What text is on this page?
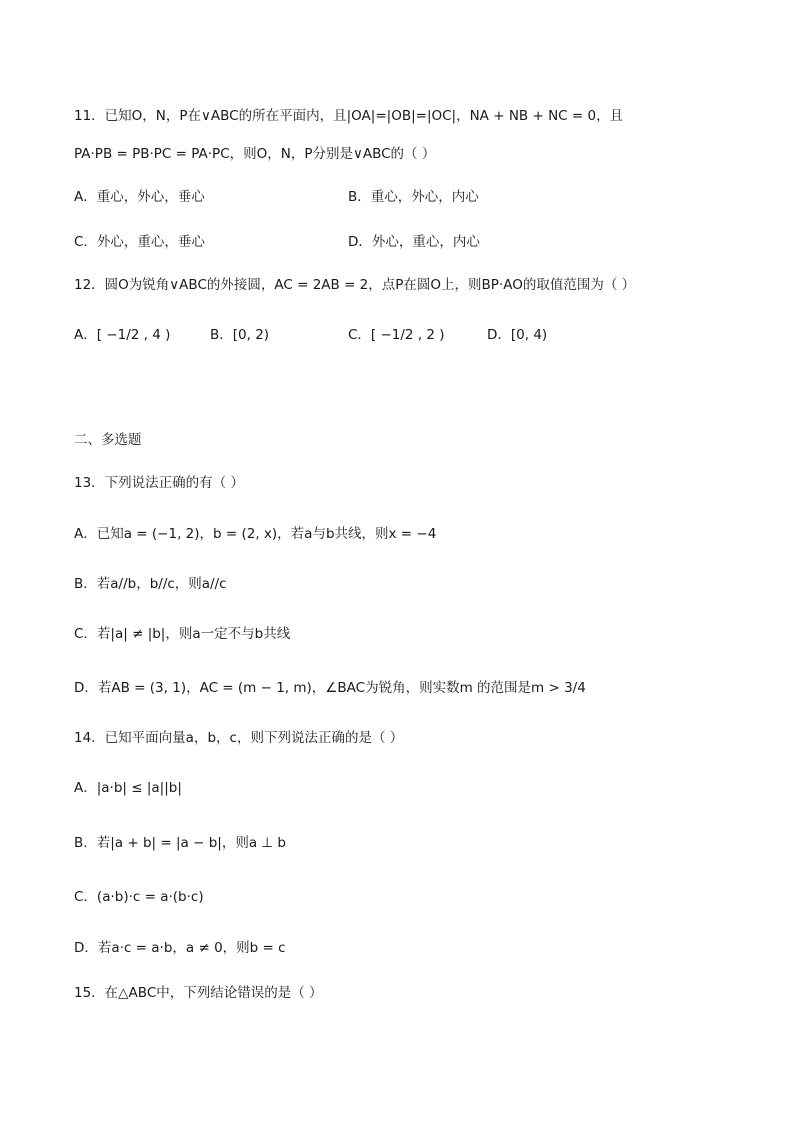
11．已知O，N，P在∨ABC的所在平面内，且|OA|=|OB|=|OC|，NA + NB + NC = 0，且
PA·PB = PB·PC = PA·PC，则O，N，P分别是∨ABC的（ ）
A．重心，外心，垂心	B．重心，外心，内心
C．外心，重心，垂心	D．外心，重心，内心
12．圆O为锐角∨ABC的外接圆，AC = 2AB = 2，点P在圆O上，则BP·AO的取值范围为（ ）
A．[ −1/2 , 4 )	B．[0, 2)	C．[ −1/2 , 2 )	D．[0, 4)
二、多选题
13．下列说法正确的有（ ）
A．已知a = (−1, 2)，b = (2, x)，若a与b共线，则x = −4
B．若a//b，b//c，则a//c
C．若|a| ≠ |b|，则a一定不与b共线
D．若AB = (3, 1)，AC = (m − 1, m)，∠BAC为锐角，则实数m 的范围是m > 3/4
14．已知平面向量a，b，c，则下列说法正确的是（ ）
A．|a·b| ≤ |a||b|
B．若|a + b| = |a − b|，则a ⊥ b
C．(a·b)·c = a·(b·c)
D．若a·c = a·b，a ≠ 0，则b = c
15．在△ABC中，下列结论错误的是（ ）
